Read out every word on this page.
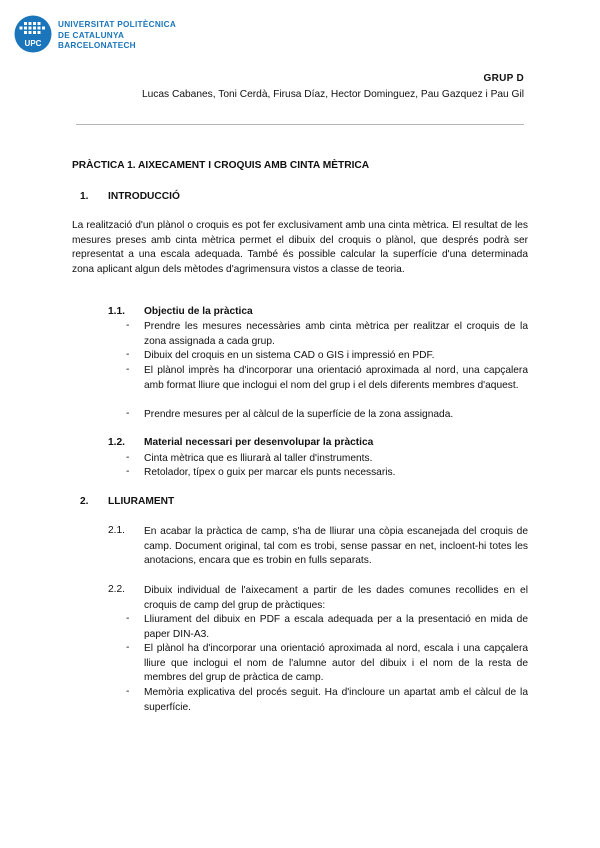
UPC
UNIVERSITAT POLITÈCNICA
DE CATALUNYA
BARCELONATECH
GRUP D
Lucas Cabanes, Toni Cerdà, Firusa Díaz, Hector Dominguez, Pau Gazquez i Pau Gil
PRÀCTICA 1. AIXECAMENT I CROQUIS AMB CINTA MÈTRICA
1. INTRODUCCIÓ
La realització d'un plànol o croquis es pot fer exclusivament amb una cinta mètrica. El resultat de les mesures preses amb cinta mètrica permet el dibuix del croquis o plànol, que després podrà ser representat a una escala adequada. També és possible calcular la superfície d'una determinada zona aplicant algun dels mètodes d'agrimensura vistos a classe de teoria.
1.1. Objectiu de la pràctica
- Prendre les mesures necessàries amb cinta mètrica per realitzar el croquis de la zona assignada a cada grup.
- Dibuix del croquis en un sistema CAD o GIS i impressió en PDF.
- El plànol imprès ha d'incorporar una orientació aproximada al nord, una capçalera amb format lliure que inclogui el nom del grup i el dels diferents membres d'aquest.
- Prendre mesures per al càlcul de la superfície de la zona assignada.
1.2. Material necessari per desenvolupar la pràctica
- Cinta mètrica que es lliurarà al taller d'instruments.
- Retolador, típex o guix per marcar els punts necessaris.
2. LLIURAMENT
2.1. En acabar la pràctica de camp, s'ha de lliurar una còpia escanejada del croquis de camp. Document original, tal com es trobi, sense passar en net, incloent-hi totes les anotacions, encara que es trobin en fulls separats.
2.2. Dibuix individual de l'aixecament a partir de les dades comunes recollides en el croquis de camp del grup de pràctiques:
- Lliurament del dibuix en PDF a escala adequada per a la presentació en mida de paper DIN-A3.
- El plànol ha d'incorporar una orientació aproximada al nord, escala i una capçalera lliure que inclogui el nom de l'alumne autor del dibuix i el nom de la resta de membres del grup de pràctica de camp.
- Memòria explicativa del procés seguit. Ha d'incloure un apartat amb el càlcul de la superfície.
